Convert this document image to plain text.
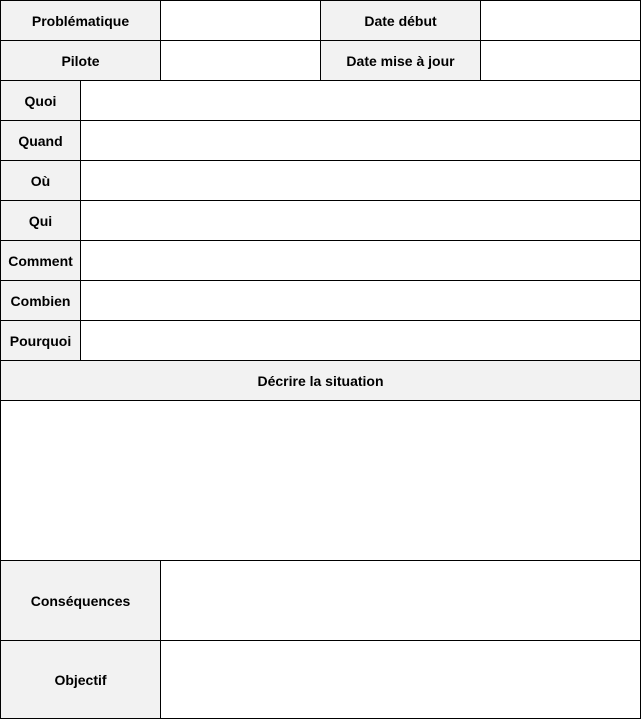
Problématique	Date début
Pilote	Date mise à jour
Quoi
Quand
Où
Qui
Comment
Combien
Pourquoi
Décrire la situation
Conséquences
Objectif
